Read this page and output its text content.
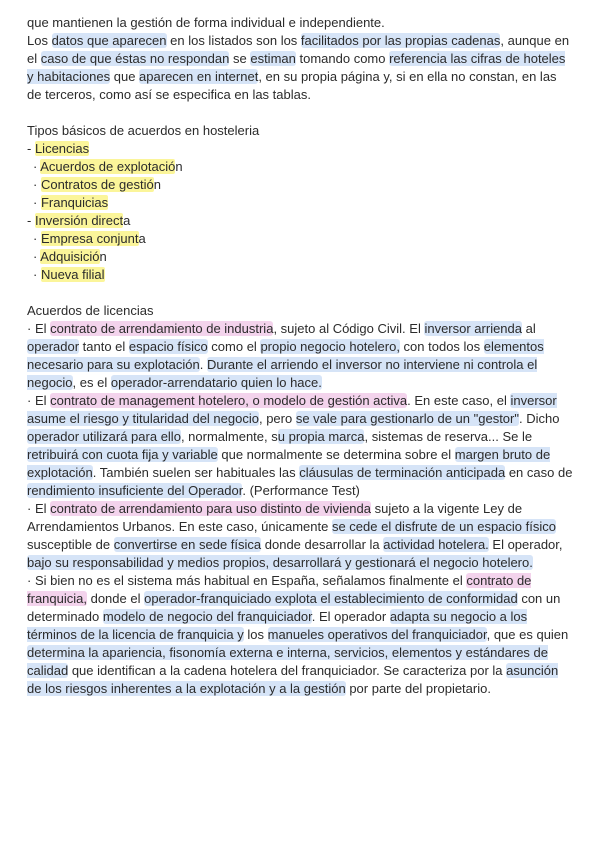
que mantienen la gestión de forma individual e independiente.

Los datos que aparecen en los listados son los facilitados por las propias cadenas, aunque en el caso de que éstas no respondan se estiman tomando como referencia las cifras de hoteles y habitaciones que aparecen en internet, en su propia página y, si en ella no constan, en las de terceros, como así se especifica en las tablas.

Tipos básicos de acuerdos en hosteleria

- Licencias
· Acuerdos de explotación
· Contratos de gestión
· Franquicias
- Inversión directa
· Empresa conjunta
· Adquisición
· Nueva filial

Acuerdos de licencias

· El contrato de arrendamiento de industria, sujeto al Código Civil. El inversor arrienda al operador tanto el espacio físico como el propio negocio hotelero, con todos los elementos necesario para su explotación. Durante el arriendo el inversor no interviene ni controla el negocio, es el operador-arrendatario quien lo hace.

· El contrato de management hotelero, o modelo de gestión activa. En este caso, el inversor asume el riesgo y titularidad del negocio, pero se vale para gestionarlo de un "gestor". Dicho operador utilizará para ello, normalmente, su propia marca, sistemas de reserva... Se le retribuirá con cuota fija y variable que normalmente se determina sobre el margen bruto de explotación. También suelen ser habituales las cláusulas de terminación anticipada en caso de rendimiento insuficiente del Operador. (Performance Test)

· El contrato de arrendamiento para uso distinto de vivienda sujeto a la vigente Ley de Arrendamientos Urbanos. En este caso, únicamente se cede el disfrute de un espacio físico susceptible de convertirse en sede física donde desarrollar la actividad hotelera. El operador, bajo su responsabilidad y medios propios, desarrollará y gestionará el negocio hotelero.

· Si bien no es el sistema más habitual en España, señalamos finalmente el contrato de franquicia, donde el operador-franquiciado explota el establecimiento de conformidad con un determinado modelo de negocio del franquiciador. El operador adapta su negocio a los términos de la licencia de franquicia y los manueles operativos del franquiciador, que es quien determina la apariencia, fisonomía externa e interna, servicios, elementos y estándares de calidad que identifican a la cadena hotelera del franquiciador. Se caracteriza por la asunción de los riesgos inherentes a la explotación y a la gestión por parte del propietario.
